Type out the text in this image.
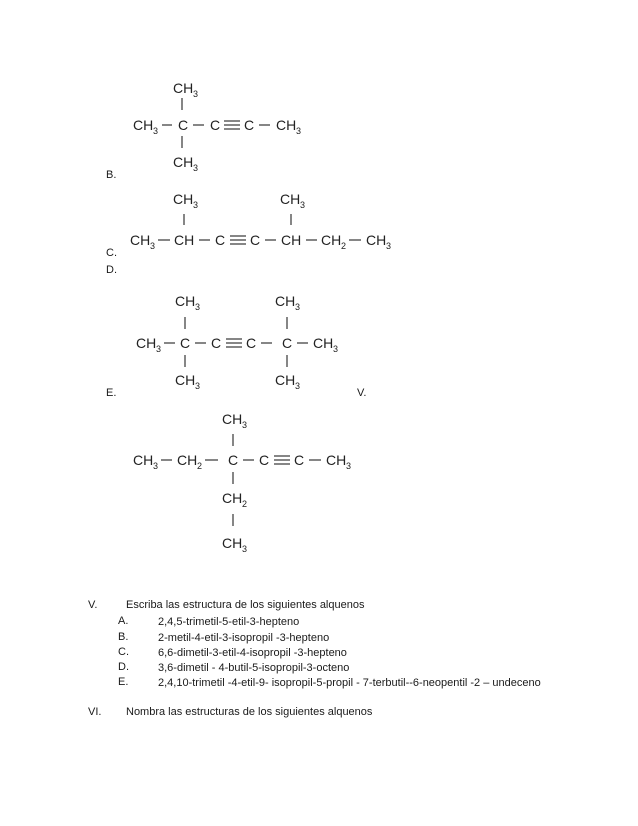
B.
C.
D.
E.	V.
CH 3
CH 3 C C C CH 3
CH 3
CH 3	CH 3
CH 3 CH C C CH CH 2 CH 3
CH 3	CH 3
CH 3 C C C C CH 3
CH 3	CH 3
CH 3
CH 3 CH 2 C C C CH 3
CH 2
CH 3
V.	Escriba las estructura de los siguientes alquenos
A.	2,4,5-trimetil-5-etil-3-hepteno
B.	2-metil-4-etil-3-isopropil -3-hepteno
C.	6,6-dimetil-3-etil-4-isopropil -3-hepteno
D.	3,6-dimetil - 4-butil-5-isopropil-3-octeno
E.	2,4,10-trimetil -4-etil-9- isopropil-5-propil - 7-terbutil--6-neopentil -2 – undeceno
VI. Nombra las estructuras de los siguientes alquenos
